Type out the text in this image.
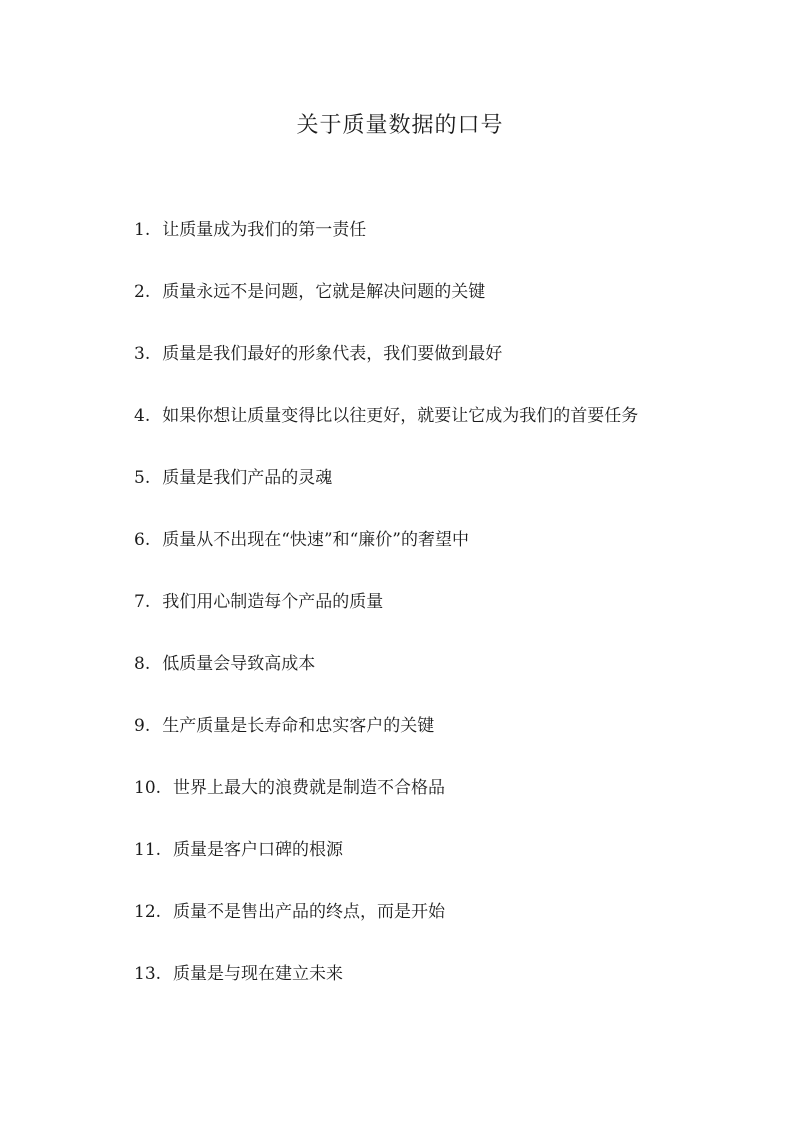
关于质量数据的口号
1. 让质量成为我们的第一责任
2. 质量永远不是问题，它就是解决问题的关键
3. 质量是我们最好的形象代表，我们要做到最好
4. 如果你想让质量变得比以往更好，就要让它成为我们的首要任务
5. 质量是我们产品的灵魂
6. 质量从不出现在“快速”和“廉价”的奢望中
7. 我们用心制造每个产品的质量
8. 低质量会导致高成本
9. 生产质量是长寿命和忠实客户的关键
10. 世界上最大的浪费就是制造不合格品
11. 质量是客户口碑的根源
12. 质量不是售出产品的终点，而是开始
13. 质量是与现在建立未来
